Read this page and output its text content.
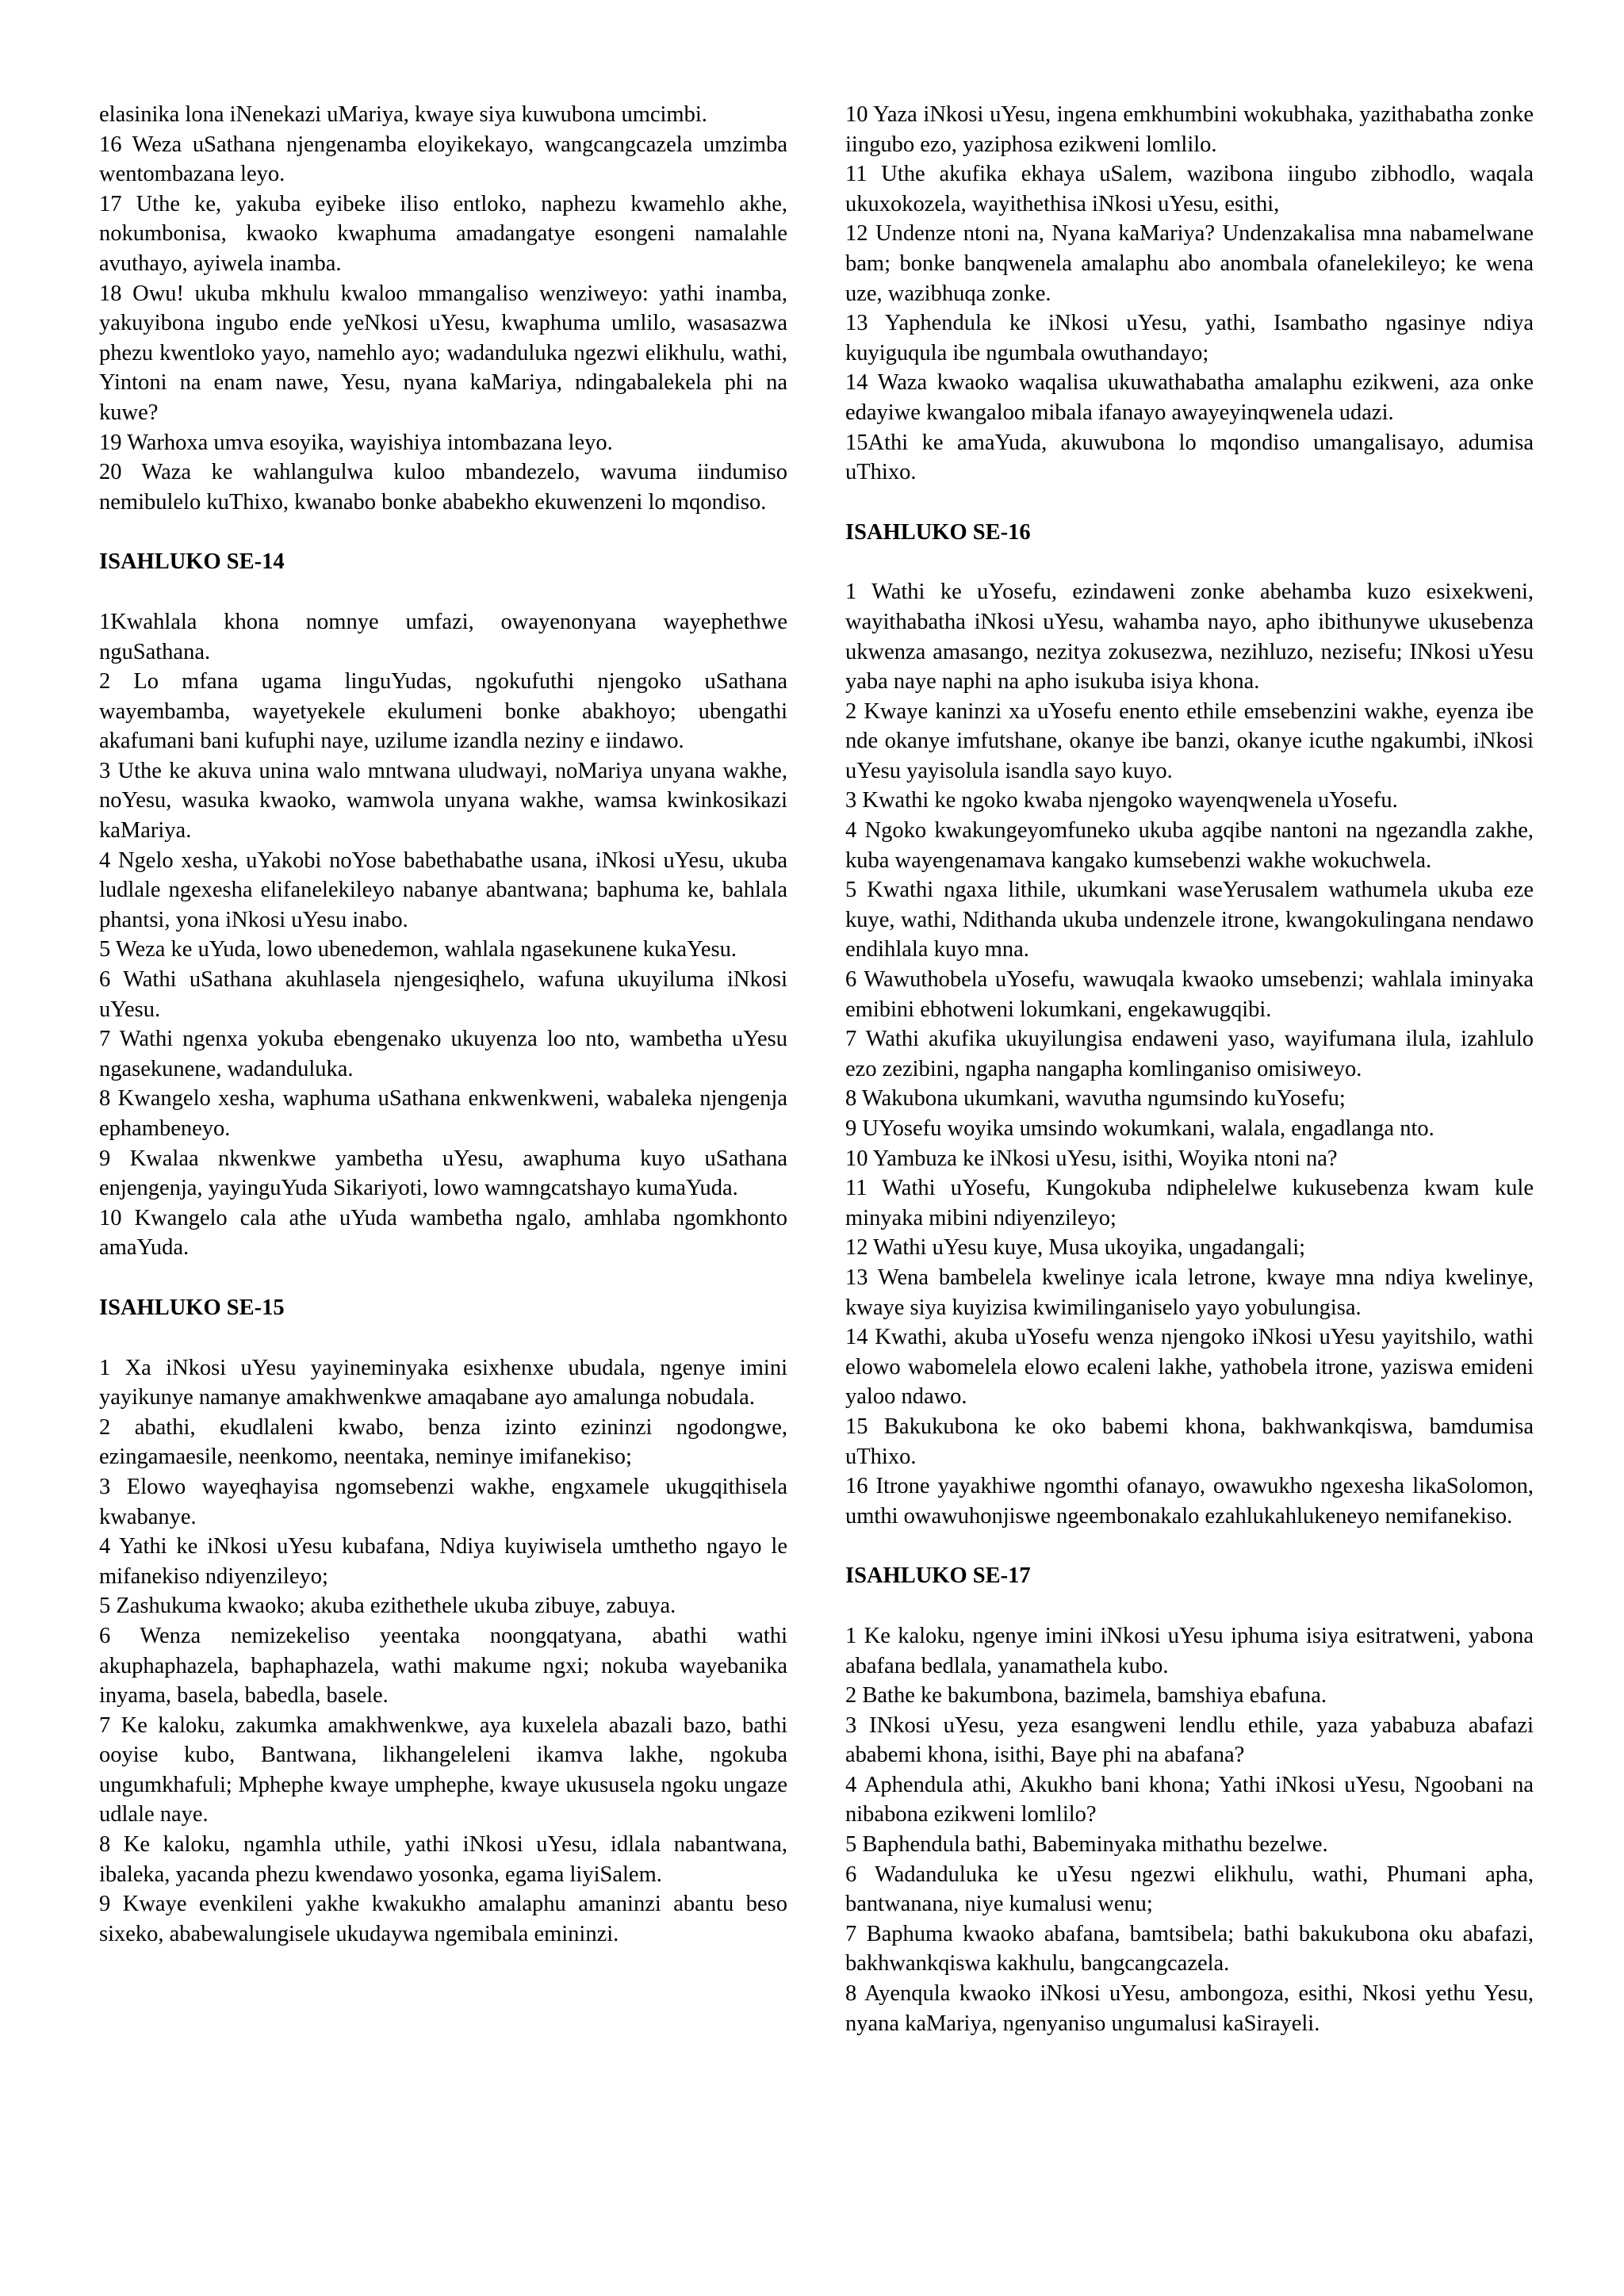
elasinika lona iNenekazi uMariya, kwaye siya kuwubona umcimbi.

16 Weza uSathana njengenamba eloyikekayo, wangcangcazela umzimba wentombazana leyo.

17 Uthe ke, yakuba eyibeke iliso entloko, naphezu kwamehlo akhe, nokumbonisa, kwaoko kwaphuma amadangatye esongeni namalahle avuthayo, ayiwela inamba.

18 Owu! ukuba mkhulu kwaloo mmangaliso wenziweyo: yathi inamba, yakuyibona ingubo ende yeNkosi uYesu, kwaphuma umlilo, wasasazwa phezu kwentloko yayo, namehlo ayo; wadanduluka ngezwi elikhulu, wathi, Yintoni na enam nawe, Yesu, nyana kaMariya, ndingabalekela phi na kuwe?

19 Warhoxa umva esoyika, wayishiya intombazana leyo.

20 Waza ke wahlangulwa kuloo mbandezelo, wavuma iindumiso nemibulelo kuThixo, kwanabo bonke ababekho ekuwenzeni lo mqondiso.

ISAHLUKO SE-14

1Kwahlala khona nomnye umfazi, owayenonyana wayephethwe nguSathana.

2 Lo mfana ugama linguYudas, ngokufuthi njengoko uSathana wayembamba, wayetyekele ekulumeni bonke abakhoyo; ubengathi akafumani bani kufuphi naye, uzilume izandla neziny e iindawo.

3 Uthe ke akuva unina walo mntwana uludwayi, noMariya unyana wakhe, noYesu, wasuka kwaoko, wamwola unyana wakhe, wamsa kwinkosikazi kaMariya.

4 Ngelo xesha, uYakobi noYose babethabathe usana, iNkosi uYesu, ukuba ludlale ngexesha elifanelekileyo nabanye abantwana; baphuma ke, bahlala phantsi, yona iNkosi uYesu inabo.

5 Weza ke uYuda, lowo ubenedemon, wahlala ngasekunene kukaYesu.

6 Wathi uSathana akuhlasela njengesiqhelo, wafuna ukuyiluma iNkosi uYesu.

7 Wathi ngenxa yokuba ebengenako ukuyenza loo nto, wambetha uYesu ngasekunene, wadanduluka.

8 Kwangelo xesha, waphuma uSathana enkwenkweni, wabaleka njengenja ephambeneyo.

9 Kwalaa nkwenkwe yambetha uYesu, awaphuma kuyo uSathana enjengenja, yayinguYuda Sikariyoti, lowo wamngcatshayo kumaYuda.

10 Kwangelo cala athe uYuda wambetha ngalo, amhlaba ngomkhonto amaYuda.

ISAHLUKO SE-15

1 Xa iNkosi uYesu yayineminyaka esixhenxe ubudala, ngenye imini yayikunye namanye amakhwenkwe amaqabane ayo amalunga nobudala.

2 abathi, ekudlaleni kwabo, benza izinto ezininzi ngodongwe, ezingamaesile, neenkomo, neentaka, neminye imifanekiso;

3 Elowo wayeqhayisa ngomsebenzi wakhe, engxamele ukugqithisela kwabanye.

4 Yathi ke iNkosi uYesu kubafana, Ndiya kuyiwisela umthetho ngayo le mifanekiso ndiyenzileyo;

5 Zashukuma kwaoko; akuba ezithethele ukuba zibuye, zabuya.

6 Wenza nemizekeliso yeentaka noongqatyana, abathi wathi akuphaphazela, baphaphazela, wathi makume ngxi; nokuba wayebanika inyama, basela, babedla, basele.

7 Ke kaloku, zakumka amakhwenkwe, aya kuxelela abazali bazo, bathi ooyise kubo, Bantwana, likhangeleleni ikamva lakhe, ngokuba ungumkhafuli; Mphephe kwaye umphephe, kwaye ukususela ngoku ungaze udlale naye.

8 Ke kaloku, ngamhla uthile, yathi iNkosi uYesu, idlala nabantwana, ibaleka, yacanda phezu kwendawo yosonka, egama liyiSalem.

9 Kwaye evenkileni yakhe kwakukho amalaphu amaninzi abantu beso sixeko, ababewalungisele ukudaywa ngemibala emininzi.

10 Yaza iNkosi uYesu, ingena emkhumbini wokubhaka, yazithabatha zonke iingubo ezo, yaziphosa ezikweni lomlilo.

11 Uthe akufika ekhaya uSalem, wazibona iingubo zibhodlo, waqala ukuxokozela, wayithethisa iNkosi uYesu, esithi,

12 Undenze ntoni na, Nyana kaMariya? Undenzakalisa mna nabamelwane bam; bonke banqwenela amalaphu abo anombala ofanelekileyo; ke wena uze, wazibhuqa zonke.

13 Yaphendula ke iNkosi uYesu, yathi, Isambatho ngasinye ndiya kuyiguqula ibe ngumbala owuthandayo;

14 Waza kwaoko waqalisa ukuwathabatha amalaphu ezikweni, aza onke edayiwe kwangaloo mibala ifanayo awayeyinqwenela udazi.

15Athi ke amaYuda, akuwubona lo mqondiso umangalisayo, adumisa uThixo.

ISAHLUKO SE-16

1 Wathi ke uYosefu, ezindaweni zonke abehamba kuzo esixekweni, wayithabatha iNkosi uYesu, wahamba nayo, apho ibithunywe ukusebenza ukwenza amasango, nezitya zokusezwa, nezihluzo, nezisefu; INkosi uYesu yaba naye naphi na apho isukuba isiya khona.

2 Kwaye kaninzi xa uYosefu enento ethile emsebenzini wakhe, eyenza ibe nde okanye imfutshane, okanye ibe banzi, okanye icuthe ngakumbi, iNkosi uYesu yayisolula isandla sayo kuyo.

3 Kwathi ke ngoko kwaba njengoko wayenqwenela uYosefu.

4 Ngoko kwakungeyomfuneko ukuba agqibe nantoni na ngezandla zakhe, kuba wayengenamava kangako kumsebenzi wakhe wokuchwela.

5 Kwathi ngaxa lithile, ukumkani waseYerusalem wathumela ukuba eze kuye, wathi, Ndithanda ukuba undenzele itrone, kwangokulingana nendawo endihlala kuyo mna.

6 Wawuthobela uYosefu, wawuqala kwaoko umsebenzi; wahlala iminyaka emibini ebhotweni lokumkani, engekawugqibi.

7 Wathi akufika ukuyilungisa endaweni yaso, wayifumana ilula, izahlulo ezo zezibini, ngapha nangapha komlinganiso omisiweyo.

8 Wakubona ukumkani, wavutha ngumsindo kuYosefu;

9 UYosefu woyika umsindo wokumkani, walala, engadlanga nto.

10 Yambuza ke iNkosi uYesu, isithi, Woyika ntoni na?

11 Wathi uYosefu, Kungokuba ndiphelelwe kukusebenza kwam kule minyaka mibini ndiyenzileyo;

12 Wathi uYesu kuye, Musa ukoyika, ungadangali;

13 Wena bambelela kwelinye icala letrone, kwaye mna ndiya kwelinye, kwaye siya kuyizisa kwimilinganiselo yayo yobulungisa.

14 Kwathi, akuba uYosefu wenza njengoko iNkosi uYesu yayitshilo, wathi elowo wabomelela elowo ecaleni lakhe, yathobela itrone, yaziswa emideni yaloo ndawo.

15 Bakukubona ke oko babemi khona, bakhwankqiswa, bamdumisa uThixo.

16 Itrone yayakhiwe ngomthi ofanayo, owawukho ngexesha likaSolomon, umthi owawuhonjiswe ngeembonakalo ezahlukahlukeneyo nemifanekiso.

ISAHLUKO SE-17

1 Ke kaloku, ngenye imini iNkosi uYesu iphuma isiya esitratweni, yabona abafana bedlala, yanamathela kubo.

2 Bathe ke bakumbona, bazimela, bamshiya ebafuna.

3 INkosi uYesu, yeza esangweni lendlu ethile, yaza yababuza abafazi ababemi khona, isithi, Baye phi na abafana?

4 Aphendula athi, Akukho bani khona; Yathi iNkosi uYesu, Ngoobani na nibabona ezikweni lomlilo?

5 Baphendula bathi, Babeminyaka mithathu bezelwe.

6 Wadanduluka ke uYesu ngezwi elikhulu, wathi, Phumani apha, bantwanana, niye kumalusi wenu;

7 Baphuma kwaoko abafana, bamtsibela; bathi bakukubona oku abafazi, bakhwankqiswa kakhulu, bangcangcazela.

8 Ayenqula kwaoko iNkosi uYesu, ambongoza, esithi, Nkosi yethu Yesu, nyana kaMariya, ngenyaniso ungumalusi kaSirayeli.
